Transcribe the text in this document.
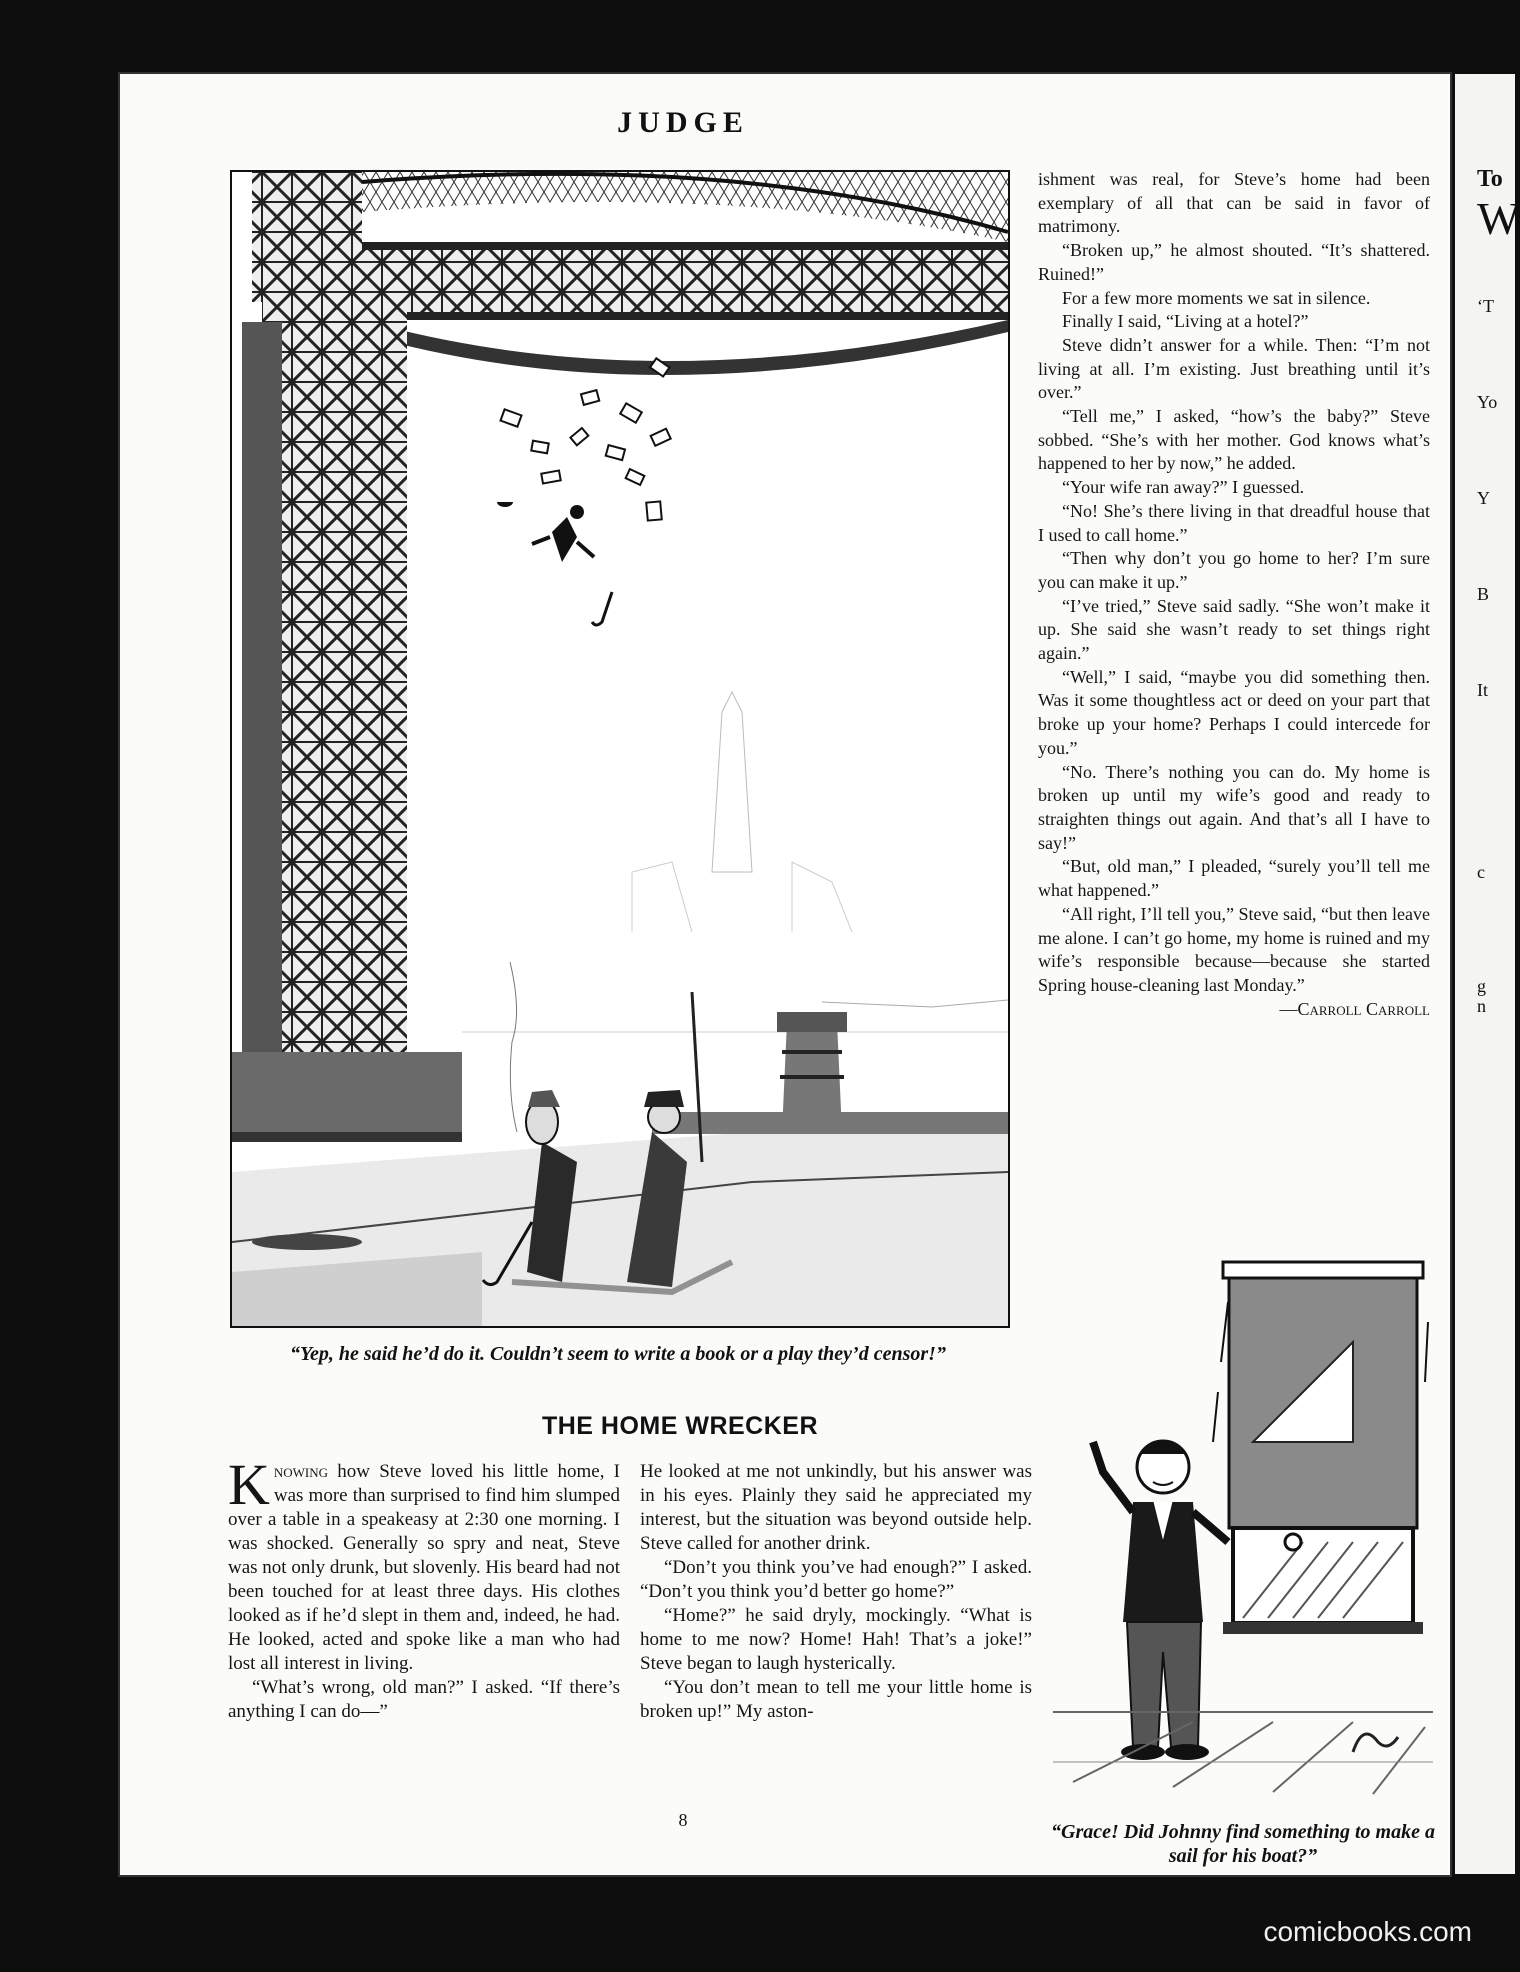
JUDGE
“Yep, he said he’d do it. Couldn’t seem to write a book or a play they’d censor!”
THE HOME WRECKER

Knowing how Steve loved his little home, I was more than surprised to find him slumped over a table in a speakeasy at 2:30 one morning. I was shocked. Generally so spry and neat, Steve was not only drunk, but slovenly. His beard had not been touched for at least three days. His clothes looked as if he’d slept in them and, indeed, he had. He looked, acted and spoke like a man who had lost all interest in living.

“What’s wrong, old man?” I asked. “If there’s anything I can do—”

He looked at me not unkindly, but his answer was in his eyes. Plainly they said he appreciated my interest, but the situation was beyond outside help. Steve called for another drink.

“Don’t you think you’ve had enough?” I asked. “Don’t you think you’d better go home?”

“Home?” he said dryly, mockingly. “What is home to me now? Home! Hah! That’s a joke!” Steve began to laugh hysterically.

“You don’t mean to tell me your little home is broken up!” My aston-

ishment was real, for Steve’s home had been exemplary of all that can be said in favor of matrimony.

“Broken up,” he almost shouted. “It’s shattered. Ruined!”

For a few more moments we sat in silence.

Finally I said, “Living at a hotel?”

Steve didn’t answer for a while. Then: “I’m not living at all. I’m existing. Just breathing until it’s over.”

“Tell me,” I asked, “how’s the baby?” Steve sobbed. “She’s with her mother. God knows what’s happened to her by now,” he added.

“Your wife ran away?” I guessed.

“No! She’s there living in that dreadful house that I used to call home.”

“Then why don’t you go home to her? I’m sure you can make it up.”

“I’ve tried,” Steve said sadly. “She won’t make it up. She said she wasn’t ready to set things right again.”

“Well,” I said, “maybe you did something then. Was it some thoughtless act or deed on your part that broke up your home? Perhaps I could intercede for you.”

“No. There’s nothing you can do. My home is broken up until my wife’s good and ready to straighten things out again. And that’s all I have to say!”

“But, old man,” I pleaded, “surely you’ll tell me what happened.”

“All right, I’ll tell you,” Steve said, “but then leave me alone. I can’t go home, my home is ruined and my wife’s responsible because—because she started Spring house-cleaning last Monday.”

—Carroll Carroll
“Grace! Did Johnny find something to make a sail for his boat?”
8
To
W
‘T
Yo
Y
B
It
c
g
n
comicbooks.com
